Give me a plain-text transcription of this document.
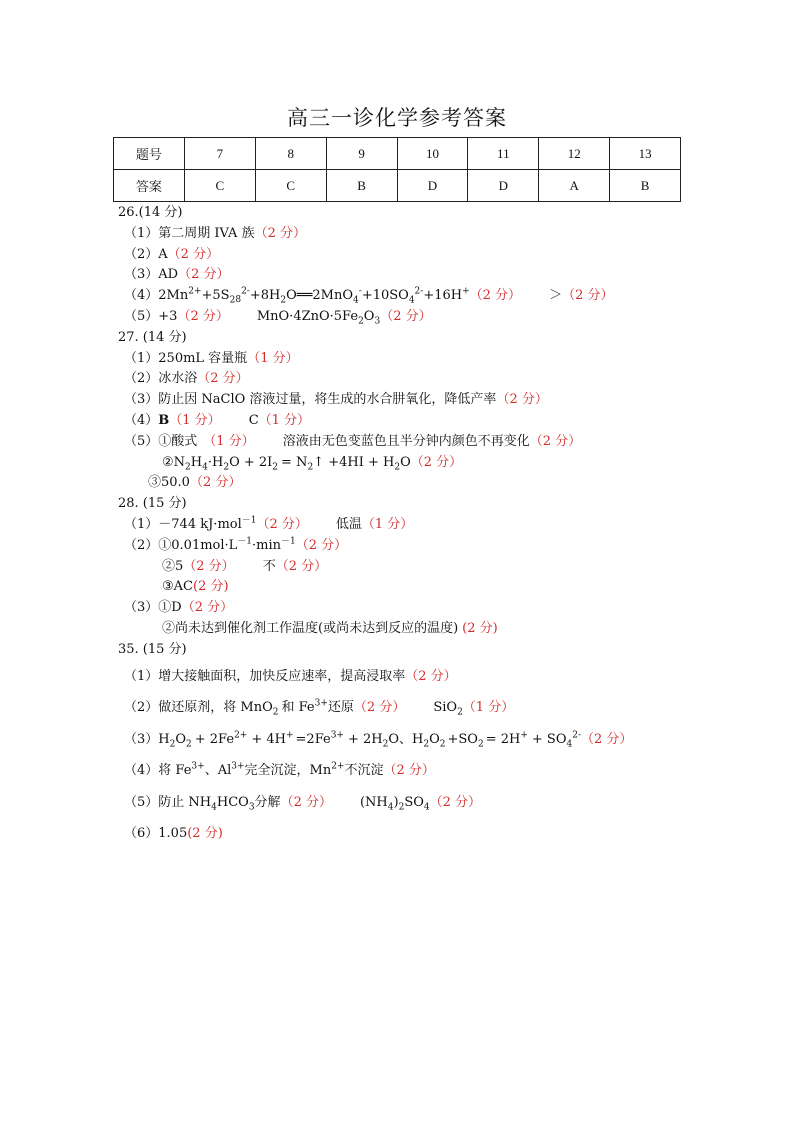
高三一诊化学参考答案
题号	7	8	9	10	11	12	13
答案	C	C	B	D	D	A	B
26.(14 分)
（1）第二周期 IVA 族（2 分）
（2）A（2 分）
（3）AD（2 分）
$(4)2Mn^{2+}+5S_{28}^{2-}+8H_2O══2MnO_4^-+10SO_4^{2-}+16H^+(2$ 分） ＞（2 分）
（5）+3（2 分） $MnO\cdot 4ZnO\cdot 5Fe_2O_3(2$ 分）
27. (14 分)
（1）250mL 容量瓶（1 分）
（2）冰水浴（2 分）
（3）防止因 NaClO 溶液过量，将生成的水合肼氧化，降低产率（2 分）
（4）B（1 分） C（1 分）
（5）①酸式 （1 分） 溶液由无色变蓝色且半分钟内颜色不再变化（2 分）
$②N_2H_4\cdot H_2O + 2I_2$ = $N_2↑ +4HI + H_2O(2$ 分）
③50.0（2 分）
28. (15 分)
（1）－744 kJ·mol$^{-1}$（2 分） 低温（1 分）
$(2)①0.01mol\cdot L^{-1}\cdot\min^{-1}(2$ 分）
②5（2 分） 不（2 分）
③AC(2 分)
（3）①D（2 分）
②尚未达到催化剂工作温度(或尚未达到反应的温度) (2 分)
35. (15 分)
（1）增大接触面积，加快反应速率，提高浸取率（2 分）
（2）做还原剂，将 MnO$_2$ 和 $Fe^{3+}$还原（2 分） SiO$_2$（1 分）
$(3)H_2O_2 + 2Fe^{2+} + 4H^+ =2Fe^{3+} + 2H_2O$、$H_2O_2 +SO_2 = 2H^+ + SO_4^{2-}(2$ 分）
（4）将 $Fe^{3+}$、$Al^{3+}$完全沉淀，$Mn^{2+}$不沉淀（2 分）
（5）防止 $NH_4HCO_3$分解（2 分） $(NH_4)_2SO_4(2$ 分）
（6）1.05(2 分)
